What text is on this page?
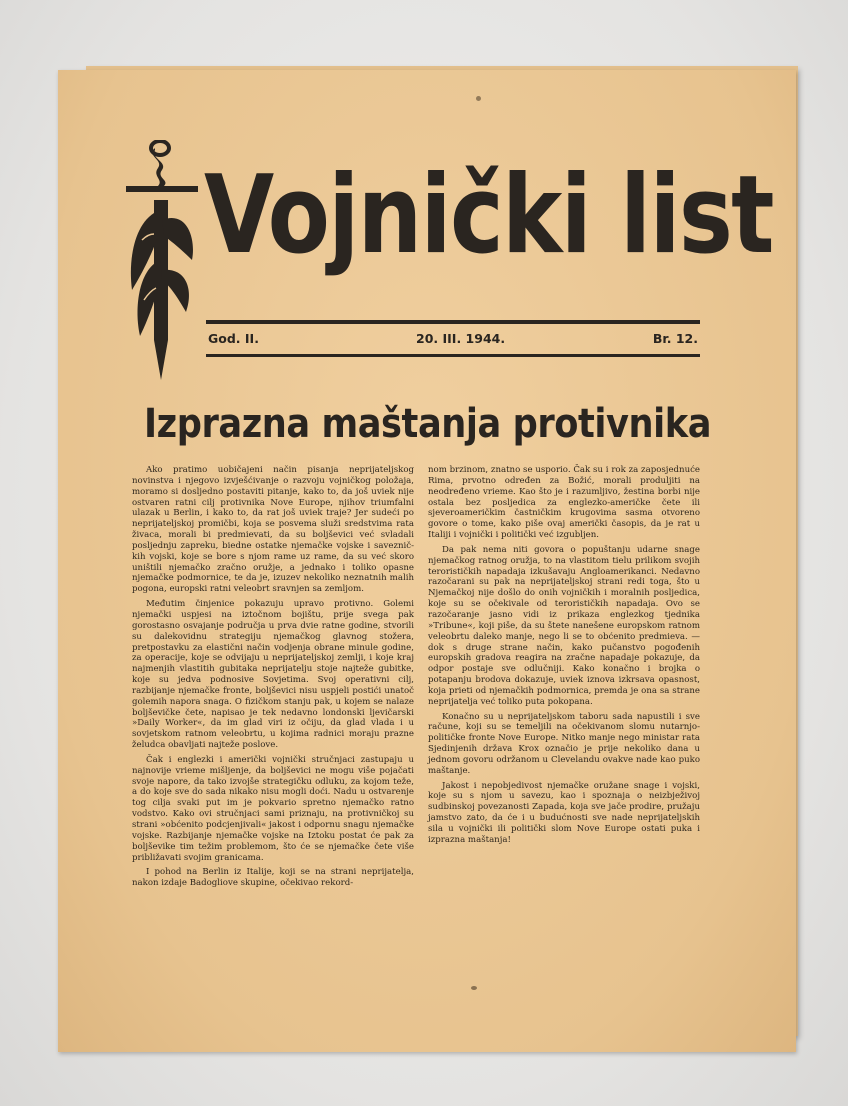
Vojnički list
God. II.	20. III. 1944.	Br. 12.
Izprazna maštanja protivnika

Ako pratimo uobičajeni način pisanja neprijateljskog novinstva i njegovo izvješćivanje o razvoju vojničkog položaja, moramo si dosljedno postaviti pitanje, kako to, da još uviek nije ostvaren ratni cilj protivnika Nove Europe, njihov triumfalni ulazak u Berlin, i kako to, da rat još uviek traje? Jer sudeći po neprijateljskoj promičbi, koja se posvema služi sredstvima rata živaca, morali bi predmievati, da su boljševici već svladali posljednju zapreku, biedne ostatke njemačke vojske i savezničkih vojski, koje se bore s njom rame uz rame, da su već skoro uništili njemačko zračno oružje, a jednako i toliko opasne njemačke podmornice, te da je, izuzev nekoliko neznatnih malih pogona, europski ratni veleobrt sravnjen sa zemljom.

Međutim činjenice pokazuju upravo protivno. Golemi njemački uspjesi na iztočnom bojištu, prije svega pak gorostasno osvajanje područja u prva dvie ratne godine, stvorili su dalekovidnu strategiju njemačkog glavnog stožera, pretpostavku za elastični način vodjenja obrane minule godine, za operacije, koje se odvijaju u neprijateljskoj zemlji, i koje kraj najmenjih vlastitih gubitaka neprijatelju stoje najteže gubitke, koje su jedva podnosive Sovjetima. Svoj operativni cilj, razbijanje njemačke fronte, boljševici nisu uspjeli postići unatoč golemih napora snaga. O fizičkom stanju pak, u kojem se nalaze boljševičke čete, napisao je tek nedavno londonski ljevičarski »Daily Worker«, da im glad viri iz očiju, da glad vlada i u sovjetskom ratnom veleobrtu, u kojima radnici moraju prazne želudca obavljati najteže poslove.

Čak i englezki i američki vojnički stručnjaci zastupaju u najnovije vrieme mišljenje, da boljševici ne mogu više pojačati svoje napore, da tako izvojše strategičku odluku, za kojom teže, a do koje sve do sada nikako nisu mogli doći. Nadu u ostvarenje tog cilja svaki put im je pokvario spretno njemačko ratno vodstvo. Kako ovi stručnjaci sami priznaju, na protivničkoj su strani »obćenito podcjenjivali« jakost i odpornu snagu njemačke vojske. Razbijanje njemačke vojske na Iztoku postat će pak za boljševike tim težim problemom, što će se njemačke čete više približavati svojim granicama.

I pohod na Berlin iz Italije, koji se na strani neprijatelja, nakon izdaje Badogliove skupine, očekivao rekord-

nom brzinom, znatno se usporio. Čak su i rok za zaposjednuće Rima, prvotno određen za Božić, morali produljiti na neodređeno vrieme. Kao što je i razumljivo, žestina borbi nije ostala bez posljedica za englezko-američke čete ili sjeveroameričkim častničkim krugovima sasma otvoreno govore o tome, kako piše ovaj američki časopis, da je rat u Italiji i vojnički i politički već izgubljen.

Da pak nema niti govora o popuštanju udarne snage njemačkog ratnog oružja, to na vlastitom tielu prilikom svojih terorističkih napadaja izkušavaju Angloamerikanci. Nedavno razočarani su pak na neprijateljskoj strani redi toga, što u Njemačkoj nije došlo do onih vojničkih i moralnih posljedica, koje su se očekivale od terorističkih napadaja. Ovo se razočaranje jasno vidi iz prikaza englezkog tjednika »Tribune«, koji piše, da su štete nanešene europskom ratnom veleobrtu daleko manje, nego li se to obćenito predmieva. — dok s druge strane način, kako pučanstvo pogođenih europskih gradova reagira na zračne napadaje pokazuje, da odpor postaje sve odlučniji. Kako konačno i brojka o potapanju brodova dokazuje, uviek iznova izkrsava opasnost, koja prieti od njemačkih podmornica, premda je ona sa strane neprijatelja već toliko puta pokopana.

Konačno su u neprijateljskom taboru sada napustili i sve račune, koji su se temeljili na očekivanom slomu nutarnjo-političke fronte Nove Europe. Nitko manje nego ministar rata Sjedinjenih država Krox označio je prije nekoliko dana u jednom govoru održanom u Clevelandu ovakve nade kao puko maštanje.

Jakost i nepobjedivost njemačke oružane snage i vojski, koje su s njom u savezu, kao i spoznaja o neizbježivoj sudbinskoj povezanosti Zapada, koja sve jače prodire, pružaju jamstvo zato, da će i u budućnosti sve nade neprijateljskih sila u vojnički ili politički slom Nove Europe ostati puka i izprazna maštanja!
